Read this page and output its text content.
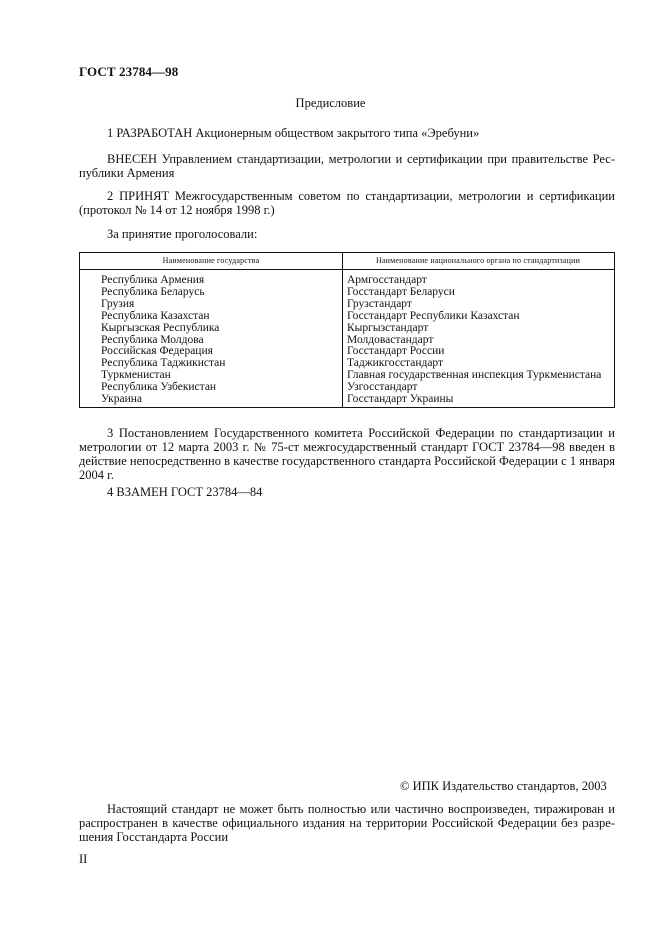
ГОСТ 23784—98
Предисловие
1 РАЗРАБОТАН Акционерным обществом закрытого типа «Эребуни»
ВНЕСЕН Управлением стандартизации, метрологии и сертификации при правительстве Республики Армения
2 ПРИНЯТ Межгосударственным советом по стандартизации, метрологии и сертификации (протокол № 14 от 12 ноября 1998 г.)
За принятие проголосовали:
Наименование государства	Наименование национального органа по стандартизации
Республика Армения
Республика Беларусь
Грузия
Республика Казахстан
Кыргызская Республика
Республика Молдова
Российская Федерация
Республика Таджикистан
Туркменистан
Республика Узбекистан
Украина
Армгосстандарт
Госстандарт Беларуси
Грузстандарт
Госстандарт Республики Казахстан
Кыргызстандарт
Молдовастандарт
Госстандарт России
Таджикгосстандарт
Главная государственная инспекция Туркменистана
Узгосстандарт
Госстандарт Украины
3 Постановлением Государственного комитета Российской Федерации по стандартизации и метрологии от 12 марта 2003 г. № 75-ст межгосударственный стандарт ГОСТ 23784—98 введен в действие непосредственно в качестве государственного стандарта Российской Федерации с 1 января 2004 г.
4 ВЗАМЕН ГОСТ 23784—84
© ИПК Издательство стандартов, 2003
Настоящий стандарт не может быть полностью или частично воспроизведен, тиражирован и распространен в качестве официального издания на территории Российской Федерации без разрешения Госстандарта России
II
